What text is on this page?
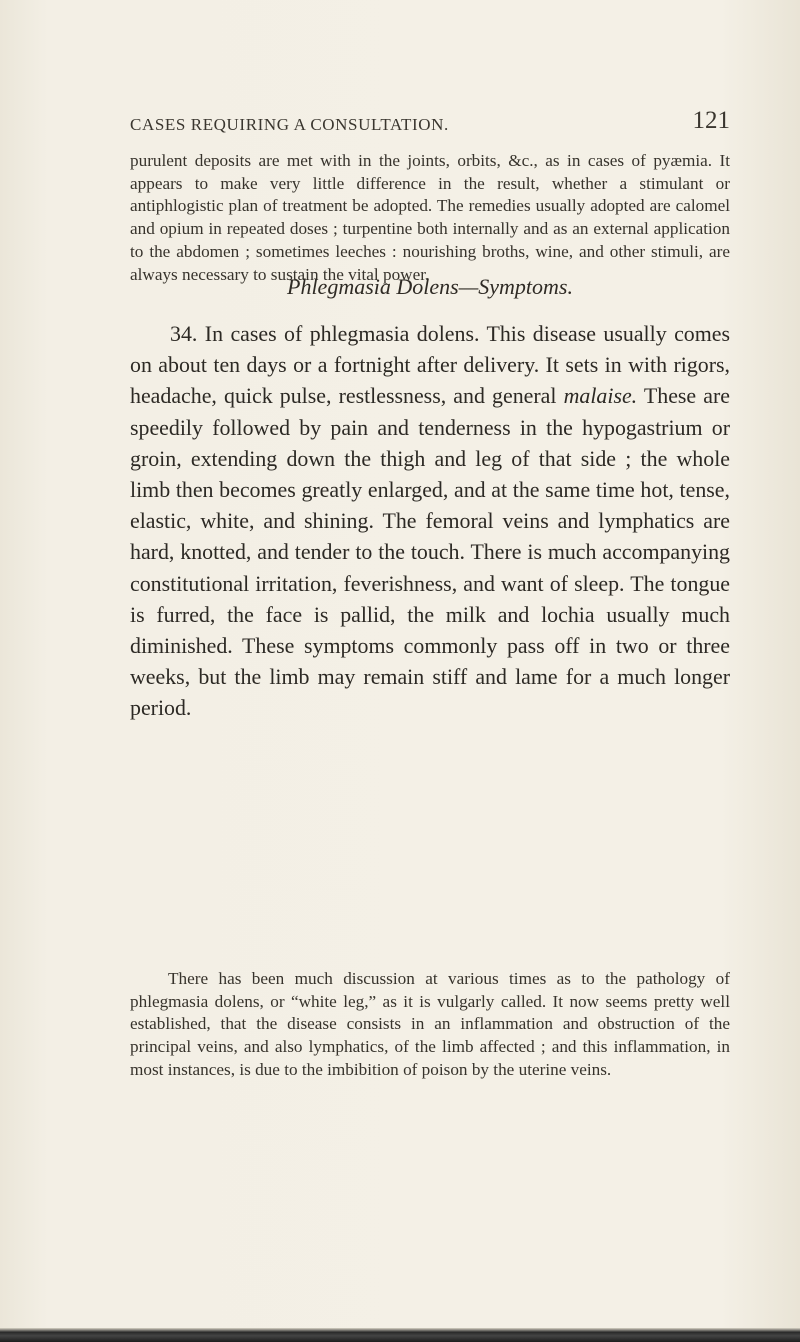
CASES REQUIRING A CONSULTATION.	121

purulent deposits are met with in the joints, orbits, &c., as in cases of pyæmia. It appears to make very little difference in the result, whether a stimulant or antiphlogistic plan of treatment be adopted. The remedies usually adopted are calomel and opium in repeated doses ; turpentine both internally and as an external application to the abdomen ; sometimes leeches : nourishing broths, wine, and other stimuli, are always necessary to sustain the vital power.

Phlegmasia Dolens—Symptoms.

34. In cases of phlegmasia dolens. This disease usually comes on about ten days or a fortnight after delivery. It sets in with rigors, headache, quick pulse, restlessness, and general malaise. These are speedily followed by pain and tenderness in the hypogastrium or groin, extending down the thigh and leg of that side ; the whole limb then becomes greatly enlarged, and at the same time hot, tense, elastic, white, and shining. The femoral veins and lymphatics are hard, knotted, and tender to the touch. There is much accompanying constitutional irritation, feverishness, and want of sleep. The tongue is furred, the face is pallid, the milk and lochia usually much diminished. These symptoms commonly pass off in two or three weeks, but the limb may remain stiff and lame for a much longer period.

There has been much discussion at various times as to the pathology of phlegmasia dolens, or “white leg,” as it is vulgarly called. It now seems pretty well established, that the disease consists in an inflammation and obstruction of the principal veins, and also lymphatics, of the limb affected ; and this inflammation, in most instances, is due to the imbibition of poison by the uterine veins.
